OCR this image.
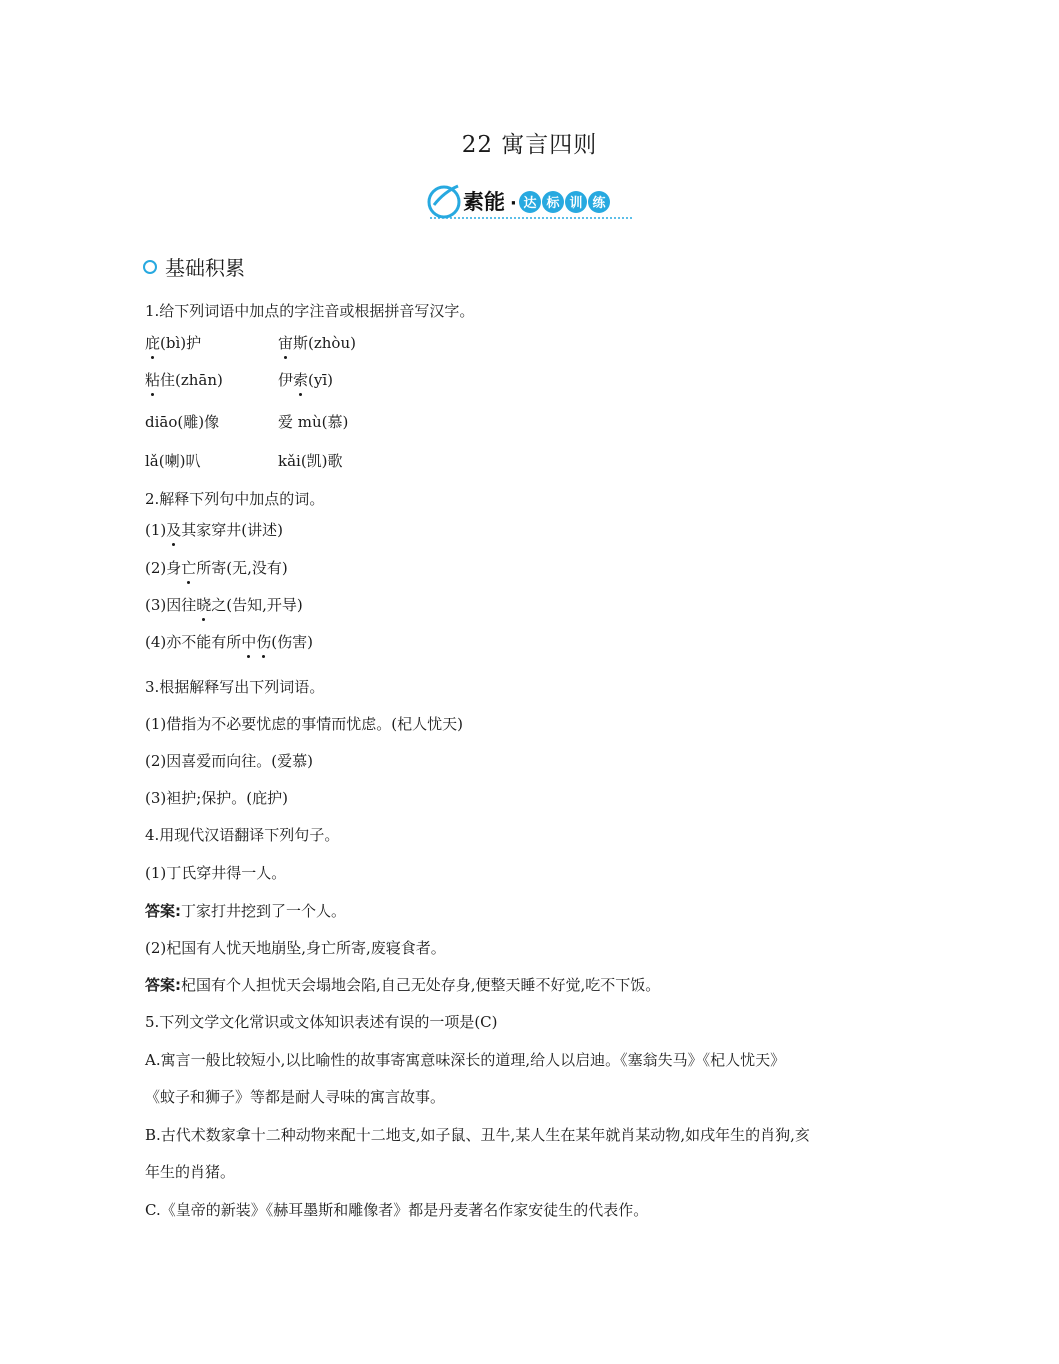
22 寓言四则
素能 · 达 标 训 练
基础积累
1.给下列词语中加点的字注音或根据拼音写汉字。
庇(bì)护	宙斯(zhòu)
粘住(zhān)	伊索(yī)
diāo(雕)像	爱 mù(慕)
lǎ(喇)叭	kǎi(凯)歌
2.解释下列句中加点的词。
(1)及其家穿井(讲述)
(2)身亡所寄(无,没有)
(3)因往晓之(告知,开导)
(4)亦不能有所中伤(伤害)
3.根据解释写出下列词语。
(1)借指为不必要忧虑的事情而忧虑。(杞人忧天)
(2)因喜爱而向往。(爱慕)
(3)袒护;保护。(庇护)
4.用现代汉语翻译下列句子。
(1)丁氏穿井得一人。
答案:丁家打井挖到了一个人。
(2)杞国有人忧天地崩坠,身亡所寄,废寝食者。
答案:杞国有个人担忧天会塌地会陷,自己无处存身,便整天睡不好觉,吃不下饭。
5.下列文学文化常识或文体知识表述有误的一项是(C)
A.寓言一般比较短小,以比喻性的故事寄寓意味深长的道理,给人以启迪。《塞翁失马》《杞人忧天》
《蚊子和狮子》等都是耐人寻味的寓言故事。
B.古代术数家拿十二种动物来配十二地支,如子鼠、丑牛,某人生在某年就肖某动物,如戌年生的肖狗,亥
年生的肖猪。
C.《皇帝的新装》《赫耳墨斯和雕像者》都是丹麦著名作家安徒生的代表作。
